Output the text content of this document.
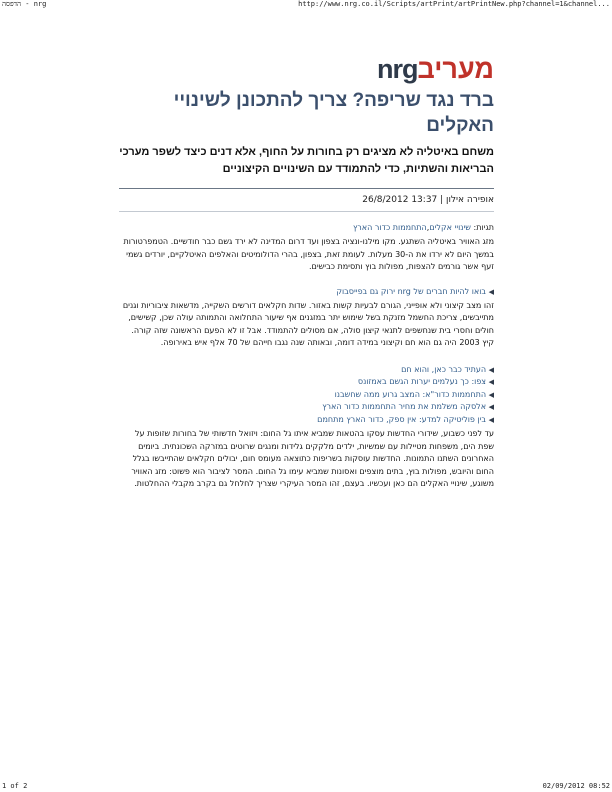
nrg - הדפסה	http://www.nrg.co.il/Scripts/artPrint/artPrintNew.php?channel=1&channel...
nrgמעריב
ברד נגד שריפה? צריך להתכונן לשינויי האקלים
משחם באיטליה לא מציגים רק בחורות על החוף, אלא דנים כיצד לשפר מערכי הבריאות והשתיות, כדי להתמודד עם השינויים הקיצוניים
אופירה אילון | 13:37 26/8/2012
תגיות: שינויי אקלים,התחממות כדור הארץ

מזג האוויר באיטליה השתגע. מקו מילנו-ונציה בצפון ועד דרום המדינה לא ירד גשם כבר חודשיים. הטמפרטורות במשך היום לא ירדו את ה-30 מעלות. לעומת זאת, בצפון, בהרי הדולומיטים והאלפים האיטלקיים, יורדים גשמי זעף אשר גורמים להצפות, מפולות בוץ ותסימת כבישים.

◀ בואו להיות חברים של nrg ירוק גם בפייסבוק

זהו מצב קיצוני ולא אופייני, הגורם לבעיות קשות באזור. שדות חקלאים דורשים השקייה, מדשאות ציבוריות וגנים מתייבשים, צריכת החשמל מזנקת בשל שימוש יתר במזגנים אף שיעור התחלואה והתמותה עולה שכן, קשישים, חולים וחסרי בית שנחשפים לתנאי קיצון סולה, אם מסולים להתמודד. אבל זו לא הפעם הראשונה שזה קורה. קיץ 2003 היה גם הוא חם וקיצוני במידה דומה, ובאותה שנה נגבו חייהם של 70 אלף איש באירופה.

◀ העתיד כבר כאן, והוא חם
◀ צפו: כך נעלמים יערות הגשם באמזונס
◀ התחממות כדור"א: המצב גרוע ממה שחשבנו
◀ אלסקה משלמת את מחיר התחממות כדור הארץ
◀ בין פוליטיקה למדע: אין ספק, כדור הארץ מתחמם

עד לפני כשבוע, שידורי החדשות עסקו בהטאות שמביא איתו גל החום: ויזואל חדשותי של בחורות שזופות על שפת הים, משפחות מטיילות עם שמשיות, ילדים מלקקים גלידות ומנגים שרוטים במזרקה השכונתית. ביומים האחרונים השתנו התמונות. החדשות עוסקות בשריפות כתוצאה מעומס חום, יבולים חקלאים שהתייבשו בגלל החום והיובש, מפולות בוץ, בתים מוצפים ואסונות שמביא עימו גל החום. המסר לציבור הוא פשוט: מזג האוויר משוגע, שינויי האקלים הם כאן ועכשיו. בעצם, זהו המסר העיקרי שצריך לחלחל גם בקרב מקבלי ההחלטות.

1 of 2	02/09/2012 08:52
